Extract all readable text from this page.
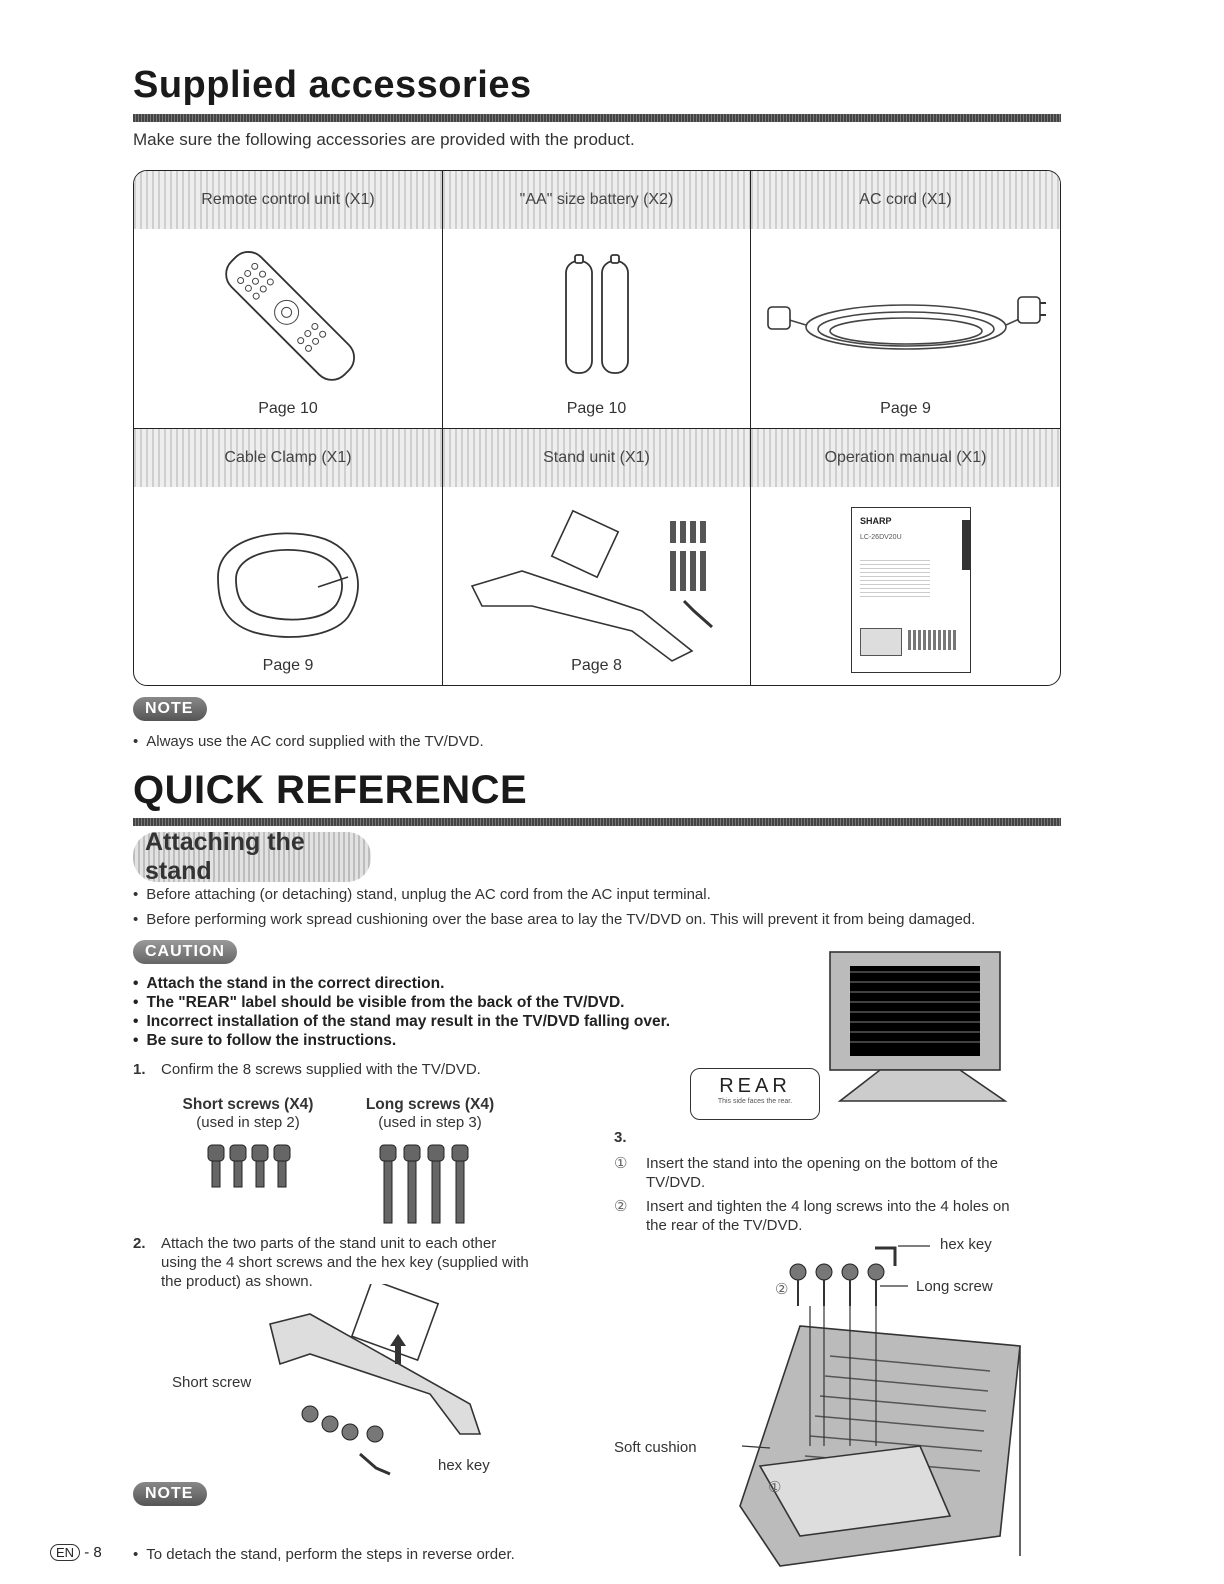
Supplied accessories
Make sure the following accessories are provided with the product.
Remote control unit (X1)	"AA" size battery (X2)	AC cord (X1)
Page 10	Page 10	Page 9
Cable Clamp (X1)	Stand unit (X1)	Operation manual (X1)
Page 9	Page 8
SHARP
LC-26DV20U
NOTE
• Always use the AC cord supplied with the TV/DVD.
QUICK REFERENCE
Attaching the stand
• Before attaching (or detaching) stand, unplug the AC cord from the AC input terminal.
• Before performing work spread cushioning over the base area to lay the TV/DVD on. This will prevent it from being damaged.
CAUTION
• Attach the stand in the correct direction.
• The "REAR" label should be visible from the back of the TV/DVD.
• Incorrect installation of the stand may result in the TV/DVD falling over.
• Be sure to follow the instructions.
1. Confirm the 8 screws supplied with the TV/DVD.
Short screws (X4)
(used in step 2)
Long screws (X4)
(used in step 3)
2. Attach the two parts of the stand unit to each other
using the 4 short screws and the hex key (supplied with
the product) as shown.
Short screw
hex key
NOTE
• To detach the stand, perform the steps in reverse order.
EN - 8
REAR
This side faces the rear.
3.
① Insert the stand into the opening on the bottom of the
TV/DVD.
② Insert and tighten the 4 long screws into the 4 holes on
the rear of the TV/DVD.
hex key
Long screw
②
Soft cushion
①
